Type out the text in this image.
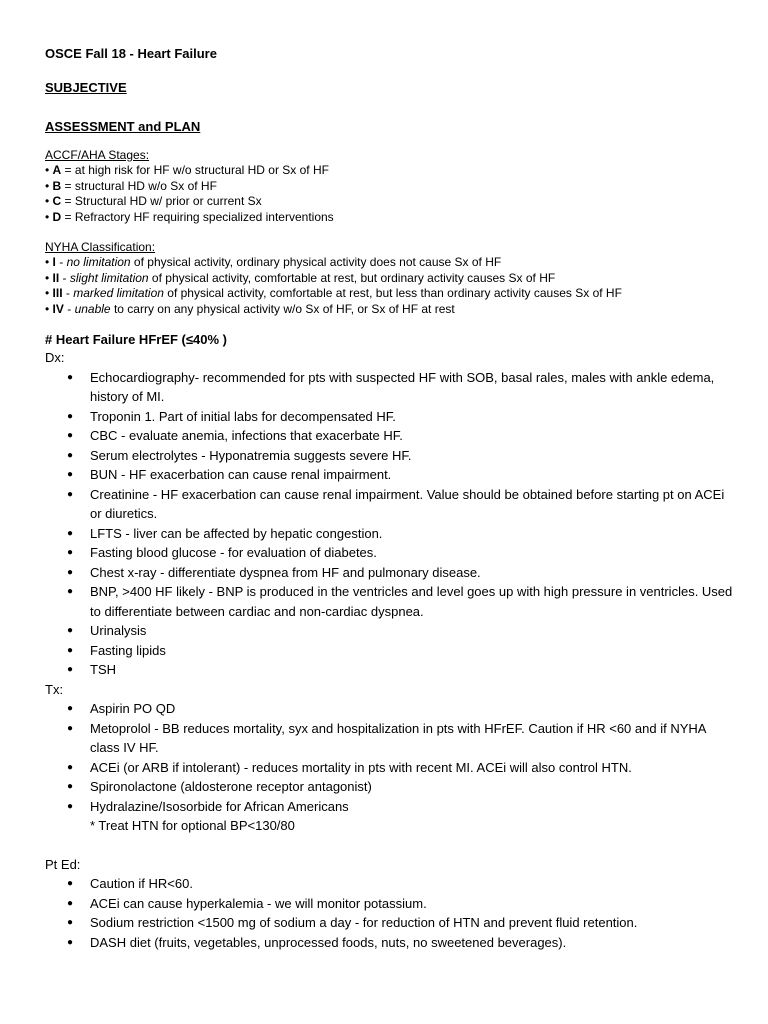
OSCE Fall 18 - Heart Failure
SUBJECTIVE
ASSESSMENT and PLAN
ACCF/AHA Stages:
• A = at high risk for HF w/o structural HD or Sx of HF
• B = structural HD w/o Sx of HF
• C = Structural HD w/ prior or current Sx
• D = Refractory HF requiring specialized interventions
NYHA Classification:
• I - no limitation of physical activity, ordinary physical activity does not cause Sx of HF
• II - slight limitation of physical activity, comfortable at rest, but ordinary activity causes Sx of HF
• III - marked limitation of physical activity, comfortable at rest, but less than ordinary activity causes Sx of HF
• IV - unable to carry on any physical activity w/o Sx of HF, or Sx of HF at rest
# Heart Failure HFrEF (≤40% )
Dx:
● Echocardiography- recommended for pts with suspected HF with SOB, basal rales, males with ankle edema, history of MI.
● Troponin 1. Part of initial labs for decompensated HF.
● CBC - evaluate anemia, infections that exacerbate HF.
● Serum electrolytes - Hyponatremia suggests severe HF.
● BUN - HF exacerbation can cause renal impairment.
● Creatinine - HF exacerbation can cause renal impairment. Value should be obtained before starting pt on ACEi or diuretics.
● LFTS - liver can be affected by hepatic congestion.
● Fasting blood glucose - for evaluation of diabetes.
● Chest x-ray - differentiate dyspnea from HF and pulmonary disease.
● BNP, >400 HF likely - BNP is produced in the ventricles and level goes up with high pressure in ventricles. Used to differentiate between cardiac and non-cardiac dyspnea.
● Urinalysis
● Fasting lipids
● TSH
Tx:
● Aspirin PO QD
● Metoprolol - BB reduces mortality, syx and hospitalization in pts with HFrEF. Caution if HR <60 and if NYHA class IV HF.
● ACEi (or ARB if intolerant) - reduces mortality in pts with recent MI. ACEi will also control HTN.
● Spironolactone (aldosterone receptor antagonist)
● Hydralazine/Isosorbide for African Americans
* Treat HTN for optional BP<130/80
Pt Ed:
● Caution if HR<60.
● ACEi can cause hyperkalemia - we will monitor potassium.
● Sodium restriction <1500 mg of sodium a day - for reduction of HTN and prevent fluid retention.
● DASH diet (fruits, vegetables, unprocessed foods, nuts, no sweetened beverages).
